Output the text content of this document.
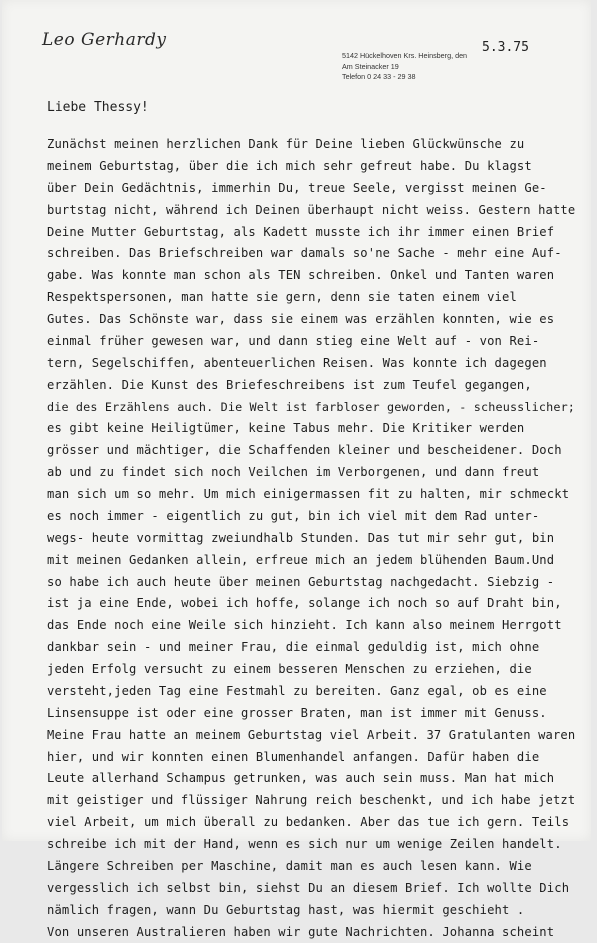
Leo Gerhardy
5142 Hückelhoven Krs. Heinsberg, den
Am Steinacker 19
Telefon 0 24 33 - 29 38
5.3.75
Liebe Thessy!
Zunächst meinen herzlichen Dank für Deine lieben Glückwünsche zu
meinem Geburtstag, über die ich mich sehr gefreut habe. Du klagst
über Dein Gedächtnis, immerhin Du, treue Seele, vergisst meinen Ge-
burtstag nicht, während ich Deinen überhaupt nicht weiss. Gestern hatte
Deine Mutter Geburtstag, als Kadett musste ich ihr immer einen Brief
schreiben. Das Briefschreiben war damals so'ne Sache - mehr eine Auf-
gabe. Was konnte man schon als TEN schreiben. Onkel und Tanten waren
Respektspersonen, man hatte sie gern, denn sie taten einem viel
Gutes. Das Schönste war, dass sie einem was erzählen konnten, wie es
einmal früher gewesen war, und dann stieg eine Welt auf - von Rei-
tern, Segelschiffen, abenteuerlichen Reisen. Was konnte ich dagegen
erzählen. Die Kunst des Briefeschreibens ist zum Teufel gegangen,
die des Erzählens auch. Die Welt ist farbloser geworden, - scheusslicher;
es gibt keine Heiligtümer, keine Tabus mehr. Die Kritiker werden
grösser und mächtiger, die Schaffenden kleiner und bescheidener. Doch
ab und zu findet sich noch Veilchen im Verborgenen, und dann freut
man sich um so mehr. Um mich einigermassen fit zu halten, mir schmeckt
es noch immer - eigentlich zu gut, bin ich viel mit dem Rad unter-
wegs- heute vormittag zweiundhalb Stunden. Das tut mir sehr gut, bin
mit meinen Gedanken allein, erfreue mich an jedem blühenden Baum.Und
so habe ich auch heute über meinen Geburtstag nachgedacht. Siebzig -
ist ja eine Ende, wobei ich hoffe, solange ich noch so auf Draht bin,
das Ende noch eine Weile sich hinzieht. Ich kann also meinem Herrgott
dankbar sein - und meiner Frau, die einmal geduldig ist, mich ohne
jeden Erfolg versucht zu einem besseren Menschen zu erziehen, die
versteht,jeden Tag eine Festmahl zu bereiten. Ganz egal, ob es eine
Linsensuppe ist oder eine grosser Braten, man ist immer mit Genuss.
Meine Frau hatte an meinem Geburtstag viel Arbeit. 37 Gratulanten waren
hier, und wir konnten einen Blumenhandel anfangen. Dafür haben die
Leute allerhand Schampus getrunken, was auch sein muss. Man hat mich
mit geistiger und flüssiger Nahrung reich beschenkt, und ich habe jetzt
viel Arbeit, um mich überall zu bedanken. Aber das tue ich gern. Teils
schreibe ich mit der Hand, wenn es sich nur um wenige Zeilen handelt.
Längere Schreiben per Maschine, damit man es auch lesen kann. Wie
vergesslich ich selbst bin, siehst Du an diesem Brief. Ich wollte Dich
nämlich fragen, wann Du Geburtstag hast, was hiermit geschieht .
Von unseren Australieren haben wir gute Nachrichten. Johanna scheint
